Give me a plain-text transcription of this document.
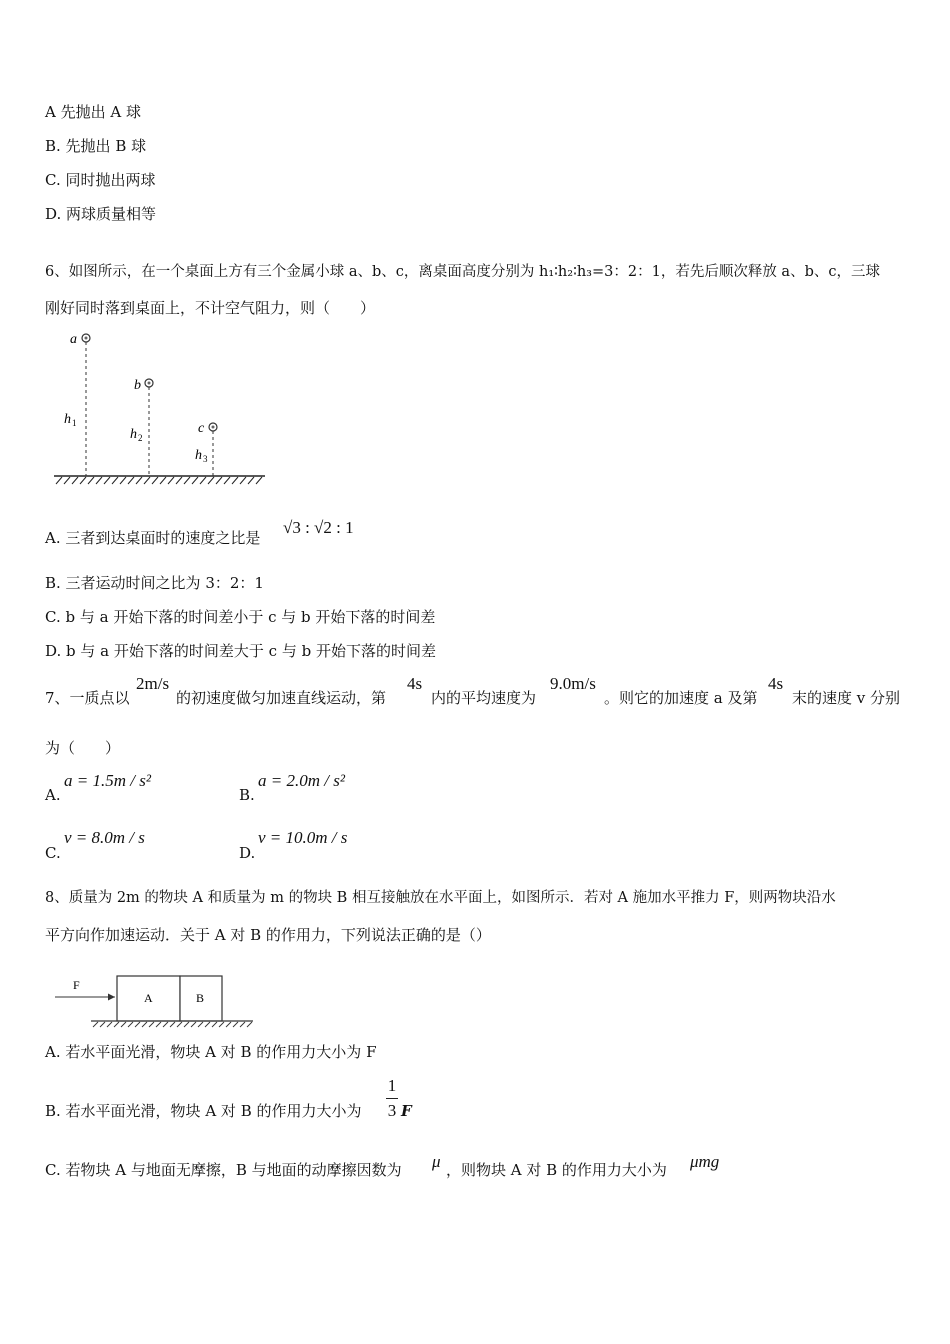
A 先抛出 A 球
B. 先抛出 B 球
C. 同时抛出两球
D. 两球质量相等
6、如图所示，在一个桌面上方有三个金属小球 a、b、c，离桌面高度分别为 h₁∶h₂∶h₃=3：2：1，若先后顺次释放 a、b、c，三球
刚好同时落到桌面上，不计空气阻力，则（　　）
a
b
c
h 1
h 2
h 3
A. 三者到达桌面时的速度之比是
√3 : √2 : 1
B. 三者运动时间之比为 3：2：1
C. b 与 a 开始下落的时间差小于 c 与 b 开始下落的时间差
D. b 与 a 开始下落的时间差大于 c 与 b 开始下落的时间差
7、一质点以
2m/s
的初速度做匀加速直线运动，第
4s
内的平均速度为
9.0m/s
。则它的加速度 a 及第
4s
末的速度 v 分别
为（　　）
A.
a = 1.5m / s²
B.
a = 2.0m / s²
C.
v = 8.0m / s
D.
v = 10.0m / s
8、质量为 2m 的物块 A 和质量为 m 的物块 B 相互接触放在水平面上，如图所示．若对 A 施加水平推力 F，则两物块沿水
平方向作加速运动．关于 A 对 B 的作用力，下列说法正确的是（）
F
A	B
A. 若水平面光滑，物块 A 对 B 的作用力大小为 F
B. 若水平面光滑，物块 A 对 B 的作用力大小为
1
3 F
C. 若物块 A 与地面无摩擦，B 与地面的动摩擦因数为 μ ，则物块 A 对 B 的作用力大小为 μmg
